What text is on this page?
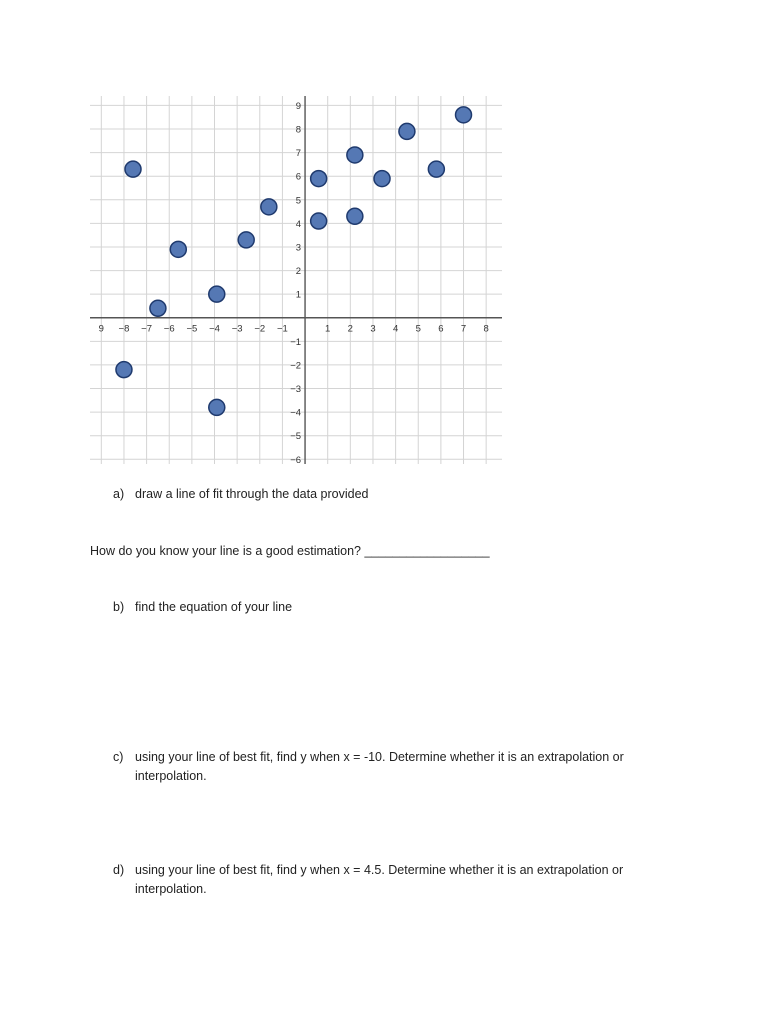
9 −8 −7 −6 −5 −4 −3 −2 −1	1 2 3 4 5 6 7 8
9
8
7
6
5
4
3
2
1
−1
−2
−3
−4
−5
−6
a) draw a line of fit through the data provided
How do you know your line is a good estimation? __________________
b) find the equation of your line
c) using your line of best fit, find y when x = -10. Determine whether it is an extrapolation or interpolation.
d) using your line of best fit, find y when x = 4.5. Determine whether it is an extrapolation or interpolation.
